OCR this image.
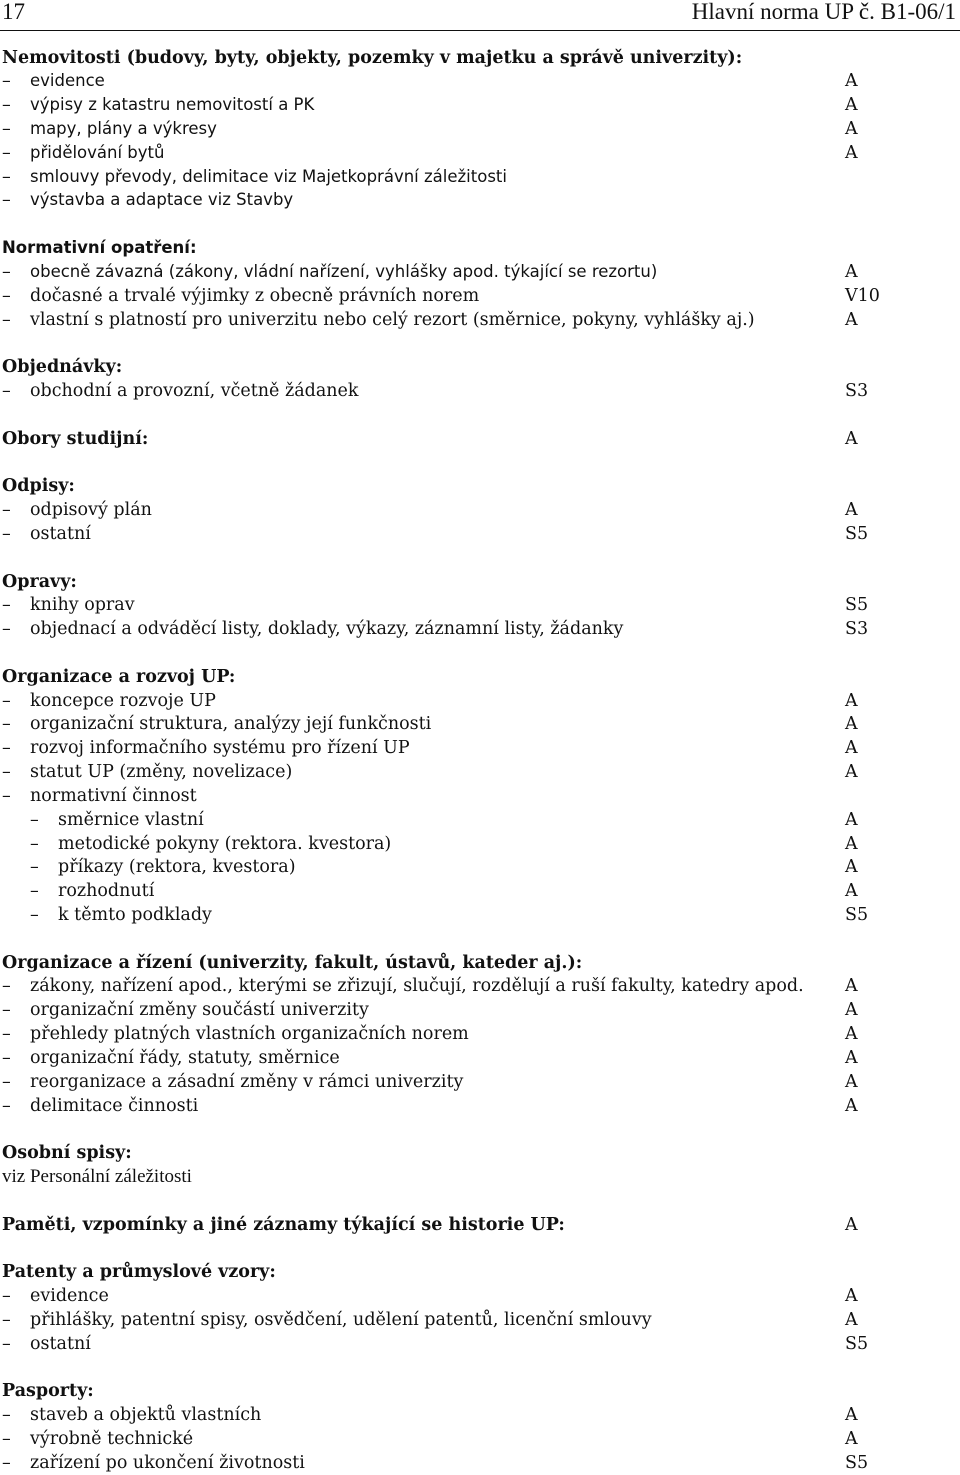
17	Hlavní norma UP č. B1-06/1
Nemovitosti (budovy, byty, objekty, pozemky v majetku a správě univerzity):
– evidence	A
– výpisy z katastru nemovitostí a PK	A
– mapy, plány a výkresy	A
– přidělování bytů	A
– smlouvy převody, delimitace viz Majetkoprávní záležitosti
– výstavba a adaptace viz Stavby
Normativní opatření:
– obecně závazná (zákony, vládní nařízení, vyhlášky apod. týkající se rezortu)	A
– dočasné a trvalé výjimky z obecně právních norem	V10
– vlastní s platností pro univerzitu nebo celý rezort (směrnice, pokyny, vyhlášky aj.)	A
Objednávky:
– obchodní a provozní, včetně žádanek	S3
Obory studijní:	A
Odpisy:
– odpisový plán	A
– ostatní	S5
Opravy:
– knihy oprav	S5
– objednací a odváděcí listy, doklady, výkazy, záznamní listy, žádanky	S3
Organizace a rozvoj UP:
– koncepce rozvoje UP	A
– organizační struktura, analýzy její funkčnosti	A
– rozvoj informačního systému pro řízení UP	A
– statut UP (změny, novelizace)	A
– normativní činnost
– směrnice vlastní	A
– metodické pokyny (rektora. kvestora)	A
– příkazy (rektora, kvestora)	A
– rozhodnutí	A
– k těmto podklady	S5
Organizace a řízení (univerzity, fakult, ústavů, kateder aj.):
– zákony, nařízení apod., kterými se zřizují, slučují, rozdělují a ruší fakulty, katedry apod. A
– organizační změny součástí univerzity	A
– přehledy platných vlastních organizačních norem	A
– organizační řády, statuty, směrnice	A
– reorganizace a zásadní změny v rámci univerzity	A
– delimitace činnosti	A
Osobní spisy:
viz Personální záležitosti
Paměti, vzpomínky a jiné záznamy týkající se historie UP:	A
Patenty a průmyslové vzory:
– evidence	A
– přihlášky, patentní spisy, osvědčení, udělení patentů, licenční smlouvy	A
– ostatní	S5
Pasporty:
– staveb a objektů vlastních	A
– výrobně technické	A
– zařízení po ukončení životnosti	S5
